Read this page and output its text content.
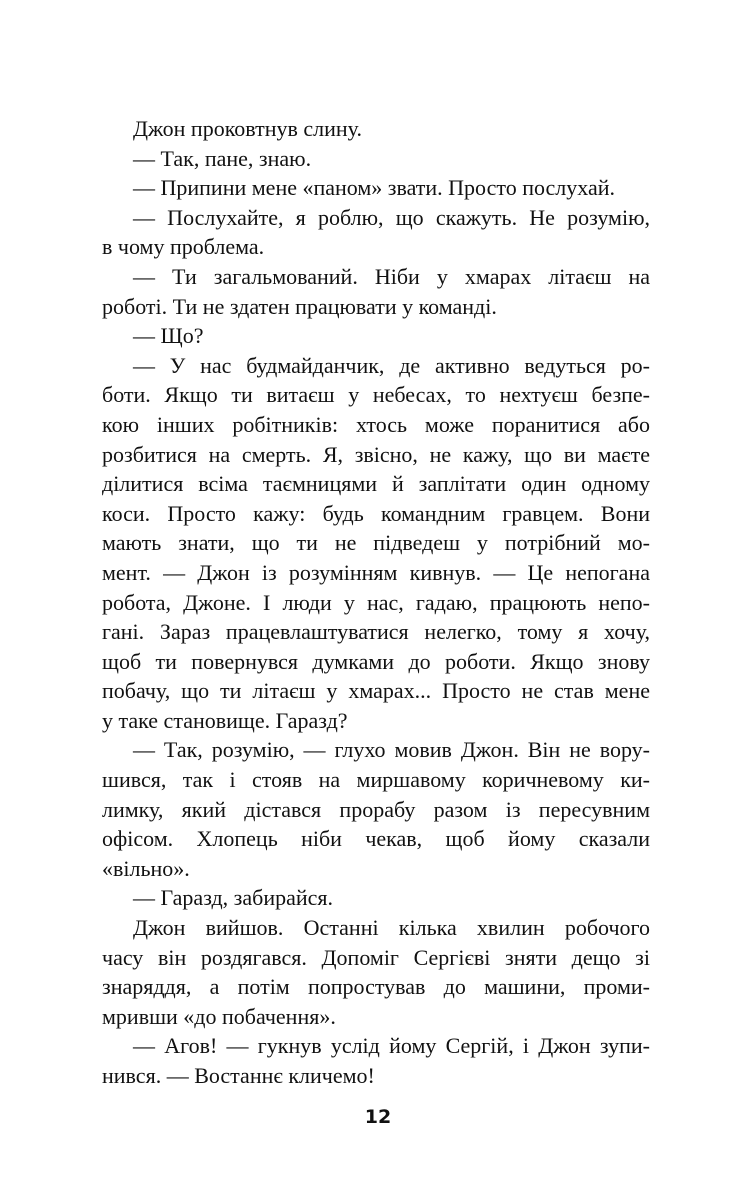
Джон проковтнув слину.
— Так, пане, знаю.
— Припини мене «паном» звати. Просто послухай.
— Послухайте, я роблю, що скажуть. Не розумію,
в чому проблема.
— Ти загальмований. Ніби у хмарах літаєш на
роботі. Ти не здатен працювати у команді.
— Що?
— У нас будмайданчик, де активно ведуться ро-
боти. Якщо ти витаєш у небесах, то нехтуєш безпе-
кою інших робітників: хтось може поранитися або
розбитися на смерть. Я, звісно, не кажу, що ви маєте
ділитися всіма таємницями й заплітати один одному
коси. Просто кажу: будь командним гравцем. Вони
мають знати, що ти не підведеш у потрібний мо-
мент. — Джон із розумінням кивнув. — Це непогана
робота, Джоне. І люди у нас, гадаю, працюють непо-
гані. Зараз працевлаштуватися нелегко, тому я хочу,
щоб ти повернувся думками до роботи. Якщо знову
побачу, що ти літаєш у хмарах... Просто не став мене
у таке становище. Гаразд?
— Так, розумію, — глухо мовив Джон. Він не вору-
шився, так і стояв на миршавому коричневому ки-
лимку, який дістався прорабу разом із пересувним
офісом. Хлопець ніби чекав, щоб йому сказали
«вільно».
— Гаразд, забирайся.
Джон вийшов. Останні кілька хвилин робочого
часу він роздягався. Допоміг Сергієві зняти дещо зі
знаряддя, а потім попростував до машини, проми-
мривши «до побачення».
— Агов! — гукнув услід йому Сергій, і Джон зупи-
нився. — Востаннє кличемо!
12
